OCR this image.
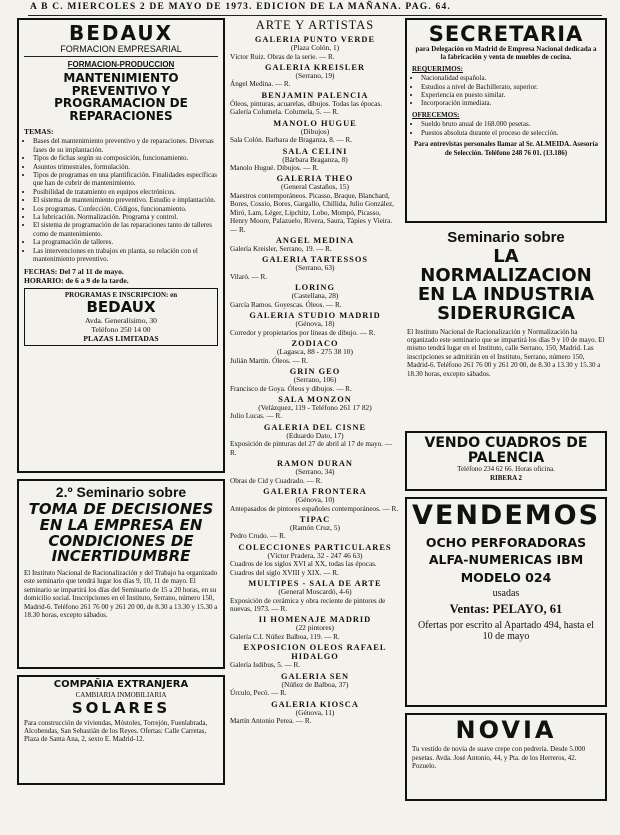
A B C. MIERCOLES 2 DE MAYO DE 1973. EDICION DE LA MAÑANA. PAG. 64.
BEDAUX
FORMACION EMPRESARIAL
FORMACION-PRODUCCION
MANTENIMIENTO PREVENTIVO Y PROGRAMACION DE REPARACIONES
TEMAS:
• Bases del mantenimiento preventivo y de reparaciones. Diversas fases de su implantación.
• Tipos de fichas según su composición, funcionamiento.
• Asuntos trimestrales, formulación.
• Tipos de programas en una plantificación. Finalidades específicas que han de cubrir de mantenimiento.
• Posibilidad de tratamiento en equipos electrónicos.
• El sistema de mantenimiento preventivo. Estudio e implantación.
• Los programas. Confección. Códigos, funcionamiento.
• La lubricación. Normalización. Programa y control.
• El sistema de programación de las reparaciones tanto de talleres como de mantenimiento.
• La programación de talleres.
• Las intervenciones en trabajos en planta, su relación con el mantenimiento preventivo.
FECHAS: Del 7 al 11 de mayo.
HORARIO: de 6 a 9 de la tarde.
PROGRAMAS E INSCRIPCION: en
BEDAUX
Avda. Generalísimo, 30
Teléfono 250 14 00
PLAZAS LIMITADAS
2.º Seminario sobre
TOMA DE DECISIONES EN LA EMPRESA EN CONDICIONES DE INCERTIDUMBRE
El Instituto Nacional de Racionalización y del Trabajo ha organizado este seminario que tendrá lugar los días 9, 10, 11 de mayo. El seminario se impartirá los días del Seminario de 15 a 20 horas, en su domicilio social. Inscripciones en el Instituto, Serrano, número 150, Madrid-6. Teléfono 261 76 00 y 261 20 00, de 8.30 a 13.30 y 15.30 a 18.30 horas, excepto sábados.
COMPAÑIA EXTRANJERA
CAMBIARIA INMOBILIARIA
SOLARES
Para construcción de viviendas, Móstoles, Torrejón, Fuenlabrada, Alcobendas, San Sebastián de los Reyes. Ofertas: Calle Carretas, Plaza de Santa Ana, 2, sexto E. Madrid-12.
ARTE Y ARTISTAS
GALERIA PUNTO VERDE
(Plaza Colón, 1)
Víctor Ruiz. Obras de la serie. — R.
GALERIA KREISLER
(Serrano, 19)
Ángel Medina. — R.
BENJAMIN PALENCIA
Óleos, pinturas, acuarelas, dibujos. Todas las épocas. Galería Columela. Columela, 5. — R.
MANOLO HUGUE
(Dibujos)
Sala Colón. Barbara de Braganza, 8. — R.
SALA CELINI
(Bárbara Braganza, 8)
Manolo Hugué. Dibujos. — R.
GALERIA THEO
(General Castaños, 15)
Maestros contemporáneos. Picasso, Braque, Blanchard, Bores, Cossío, Bores, Gargallo, Chillida, Julio González, Miró, Lam, Léger, Lipchitz, Lobo, Mompó, Picasso, Henry Moore, Palazuelo, Rivera, Saura, Tàpies y Vieira. — R.
ANGEL MEDINA
Galería Kreisler, Serrano, 19. — R.
GALERIA TARTESSOS
(Serrano, 63)
Vilaró. — R.
LORING
(Castellana, 28)
García Ramos. Goyescas. Óleos. — R.
GALERIA STUDIO MADRID
(Génova, 18)
Corredor y propietarios por líneas de dibujo. — R.
ZODIACO
(Lagasca, 88 - 275 38 10)
Julián Martín. Óleos. — R.
GRIN GEO
(Serrano, 106)
Francisco de Goya. Óleos y dibujos. — R.
SALA MONZON
(Velázquez, 119 - Teléfono 261 17 82)
Julio Lucas. — R.
GALERIA DEL CISNE
(Eduardo Dato, 17)
Exposición de pinturas del 27 de abril al 17 de mayo. — R.
RAMON DURAN
(Serrano, 34)
Obras de Cid y Cuadrado. — R.
GALERIA FRONTERA
(Génova, 10)
Antepasados de pintores españoles contemporáneos. — R.
TIPAC
(Ramón Cruz, 5)
Pedro Crudo. — R.
COLECCIONES PARTICULARES
(Víctor Pradera, 32 - 247 46 63)
Cuadros de los siglos XVI al XX, todas las épocas. Cuadros del siglo XVIII y XIX. — R.
MULTIPES - SALA DE ARTE
(General Moscardó, 4-6)
Exposición de cerámica y obra reciente de pintores de nuevas, 1973. — R.
II HOMENAJE MADRID
(22 pintores)
Galería C.I. Núñez Balboa, 119. — R.
EXPOSICION OLEOS RAFAEL HIDALGO
Galería Isdibus, 5. — R.
GALERIA SEN
(Núñez de Balboa, 37)
Úrculo, Pecó. — R.
GALERIA KIOSCA
(Génova, 11)
Martín Antonio Perea. — R.
SECRETARIA
para Delegación en Madrid de Empresa Nacional dedicada a la fabricación y venta de muebles de cocina.
REQUERIMOS:
• Nacionalidad española.
• Estudios a nivel de Bachillerato, superior.
• Experiencia en puesto similar.
• Incorporación inmediata.
OFRECEMOS:
• Sueldo bruto anual de 168.000 pesetas.
• Puestos absoluta durante el proceso de selección.
Para entrevistas personales llamar al Sr. ALMEIDA. Asesoría de Selección. Teléfono 248 76 01. (13.186)
Seminario sobre
LA NORMALIZACION EN LA INDUSTRIA SIDERURGICA
El Instituto Nacional de Racionalización y Normalización ha organizado este seminario que se impartirá los días 9 y 10 de mayo. El mismo tendrá lugar en el Instituto, calle Serrano, 150, Madrid. Las inscripciones se admitirán en el Instituto, Serrano, número 150, Madrid-6. Teléfono 261 76 00 y 261 20 00, de 8.30 a 13.30 y 15.30 a 18.30 horas, excepto sábados.
VENDO CUADROS DE PALENCIA
Teléfono 234 62 66. Horas oficina.
RIBERA 2
VENDEMOS
OCHO PERFORADORAS
ALFA-NUMERICAS IBM
MODELO 024
usadas
Ventas: PELAYO, 61
Ofertas por escrito al Apartado 494, hasta el 10 de mayo
NOVIA
Tu vestido de novia de suave crepe con pedrería. Desde 5.000 pesetas. Avda. José Antonio, 44, y Pta. de los Herreros, 42. Pozuelo.
